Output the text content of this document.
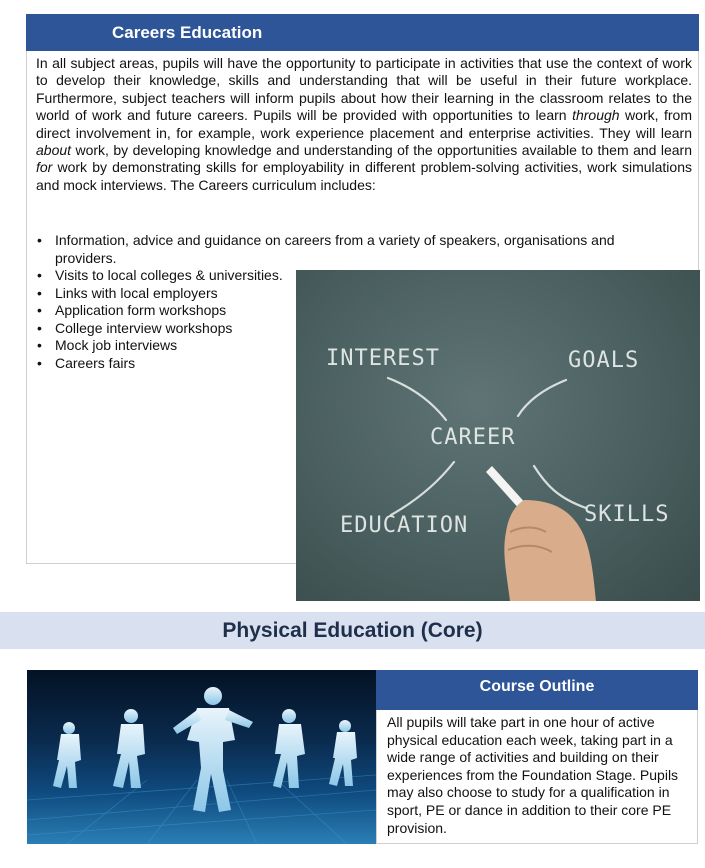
Careers Education

In all subject areas, pupils will have the opportunity to participate in activities that use the context of work to develop their knowledge, skills and understanding that will be useful in their future workplace. Furthermore, subject teachers will inform pupils about how their learning in the classroom relates to the world of work and future careers. Pupils will be provided with opportunities to learn through work, from direct involvement in, for example, work experience placement and enterprise activities. They will learn about work, by developing knowledge and understanding of the opportunities available to them and learn for work by demonstrating skills for employability in different problem-solving activities, work simulations and mock interviews. The Careers curriculum includes:

• Information, advice and guidance on careers from a variety of speakers, organisations and providers.
• Visits to local colleges & universities.
• Links with local employers
• Application form workshops
• College interview workshops
• Mock job interviews
• Careers fairs	INTEREST	GOALS
CAREER
EDUCATION	SKILLS
Physical Education (Core)
Course Outline

All pupils will take part in one hour of active physical education each week, taking part in a wide range of activities and building on their experiences from the Foundation Stage. Pupils may also choose to study for a qualification in sport, PE or dance in addition to their core PE provision.
